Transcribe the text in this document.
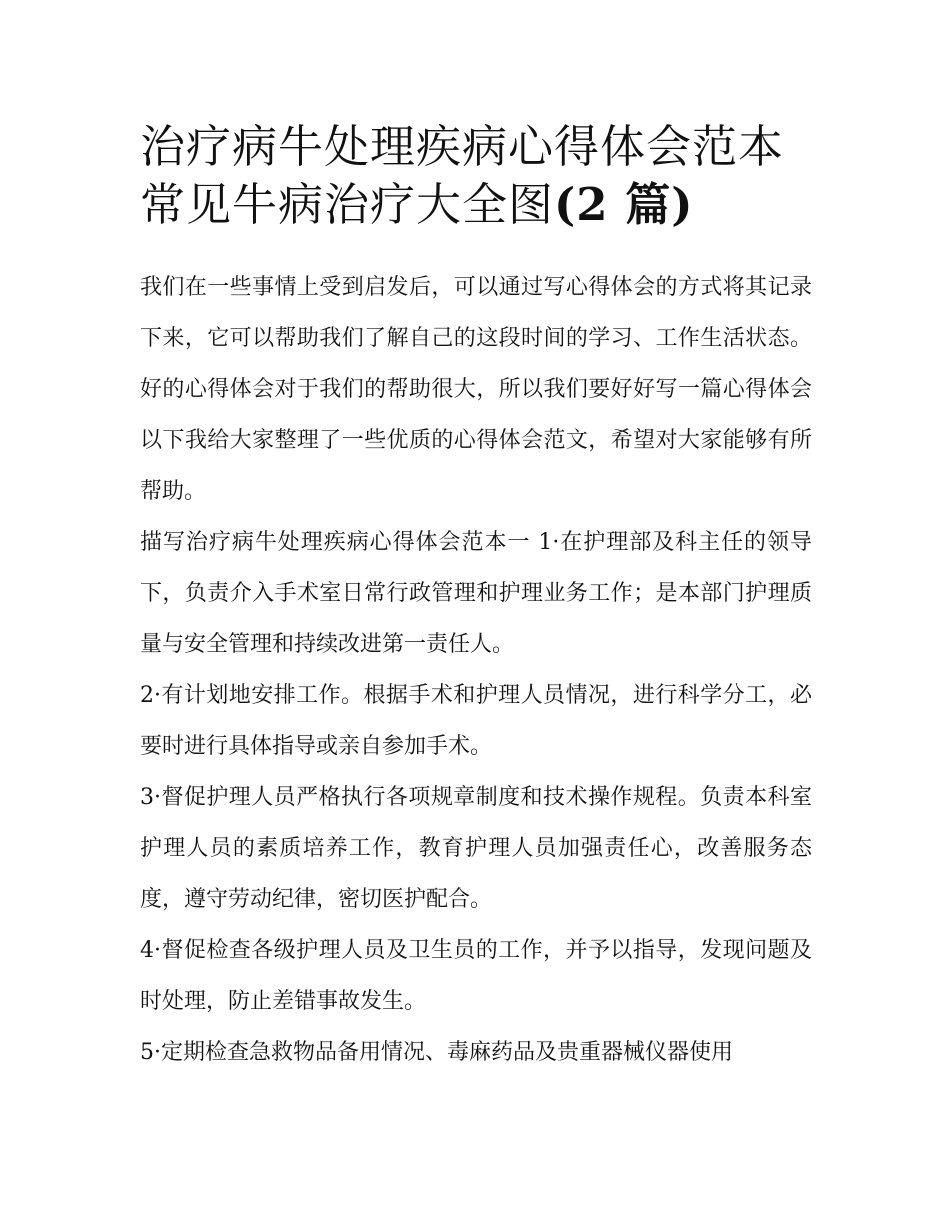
治疗病牛处理疾病心得体会范本 常见牛病治疗大全图(2 篇)

我们在一些事情上受到启发后，可以通过写心得体会的方式将其记录下来，它可以帮助我们了解自己的这段时间的学习、工作生活状态。好的心得体会对于我们的帮助很大，所以我们要好好写一篇心得体会以下我给大家整理了一些优质的心得体会范文，希望对大家能够有所帮助。

描写治疗病牛处理疾病心得体会范本一 1·在护理部及科主任的领导下，负责介入手术室日常行政管理和护理业务工作；是本部门护理质量与安全管理和持续改进第一责任人。

2·有计划地安排工作。根据手术和护理人员情况，进行科学分工，必要时进行具体指导或亲自参加手术。

3·督促护理人员严格执行各项规章制度和技术操作规程。负责本科室护理人员的素质培养工作，教育护理人员加强责任心，改善服务态度，遵守劳动纪律，密切医护配合。

4·督促检查各级护理人员及卫生员的工作，并予以指导，发现问题及时处理，防止差错事故发生。

5·定期检查急救物品备用情况、毒麻药品及贵重器械仪器使用
